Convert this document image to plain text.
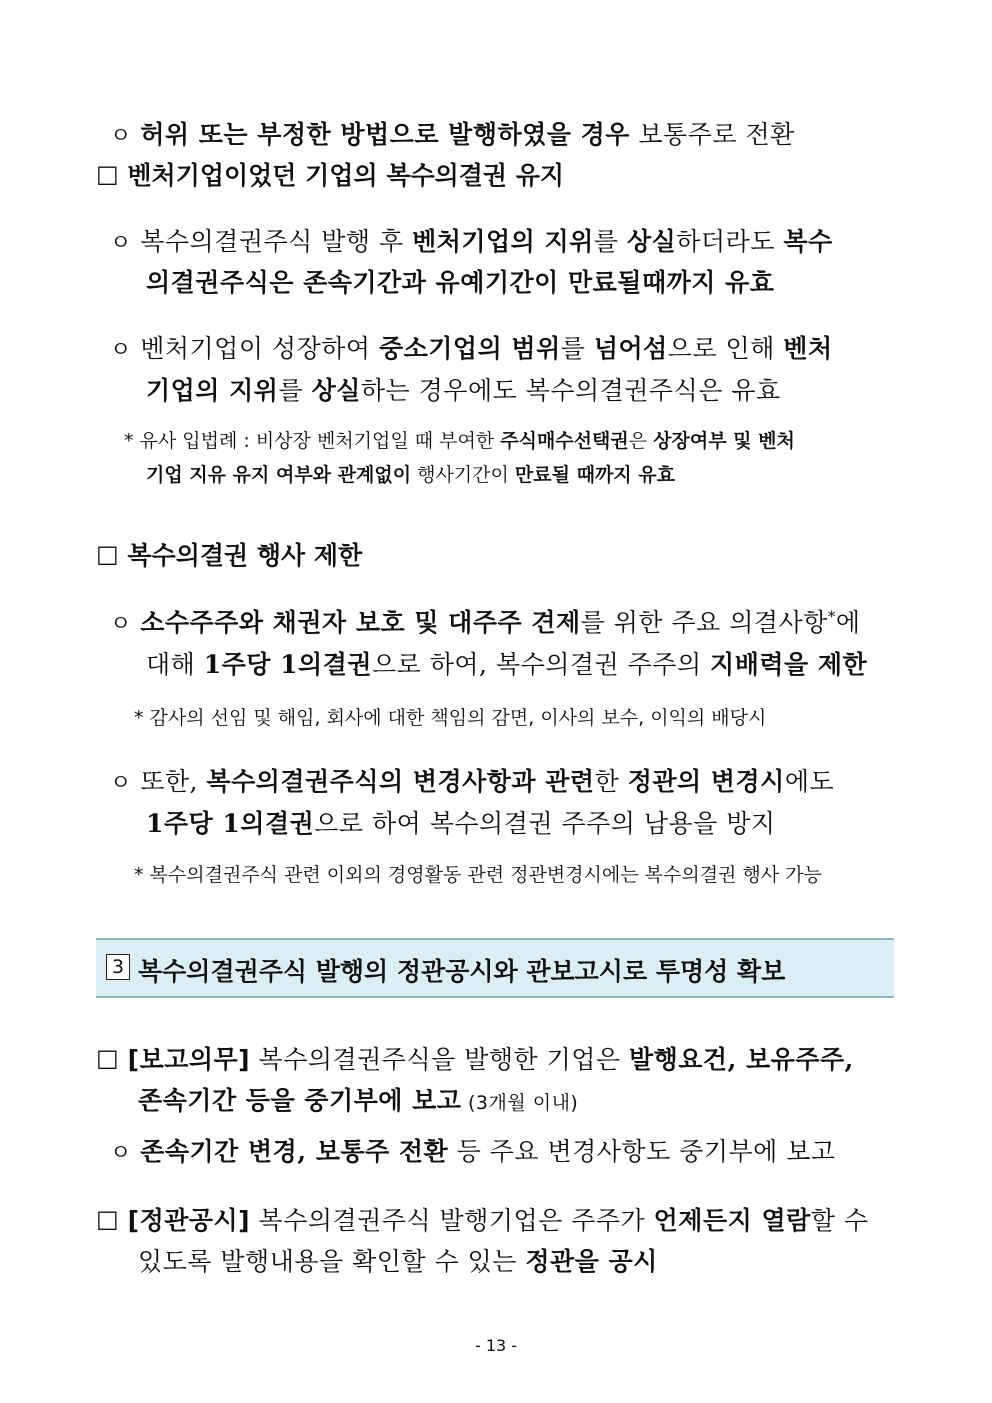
ㅇ 허위 또는 부정한 방법으로 발행하였을 경우 보통주로 전환
□ 벤처기업이었던 기업의 복수의결권 유지
ㅇ 복수의결권주식 발행 후 벤처기업의 지위를 상실하더라도 복수
의결권주식은 존속기간과 유예기간이 만료될때까지 유효
ㅇ 벤처기업이 성장하여 중소기업의 범위를 넘어섬으로 인해 벤처
기업의 지위를 상실하는 경우에도 복수의결권주식은 유효
* 유사 입법례 : 비상장 벤처기업일 때 부여한 주식매수선택권은 상장여부 및 벤처
기업 지유 유지 여부와 관계없이 행사기간이 만료될 때까지 유효
□ 복수의결권 행사 제한
ㅇ 소수주주와 채권자 보호 및 대주주 견제를 위한 주요 의결사항*에
대해 1주당 1의결권으로 하여, 복수의결권 주주의 지배력을 제한
* 감사의 선임 및 해임, 회사에 대한 책임의 감면, 이사의 보수, 이익의 배당시
ㅇ 또한, 복수의결권주식의 변경사항과 관련한 정관의 변경시에도
1주당 1의결권으로 하여 복수의결권 주주의 남용을 방지
* 복수의결권주식 관련 이외의 경영활동 관련 정관변경시에는 복수의결권 행사 가능
3 복수의결권주식 발행의 정관공시와 관보고시로 투명성 확보
□ [보고의무] 복수의결권주식을 발행한 기업은 발행요건, 보유주주,
존속기간 등을 중기부에 보고 (3개월 이내)
ㅇ 존속기간 변경, 보통주 전환 등 주요 변경사항도 중기부에 보고
□ [정관공시] 복수의결권주식 발행기업은 주주가 언제든지 열람할 수
있도록 발행내용을 확인할 수 있는 정관을 공시
- 13 -
